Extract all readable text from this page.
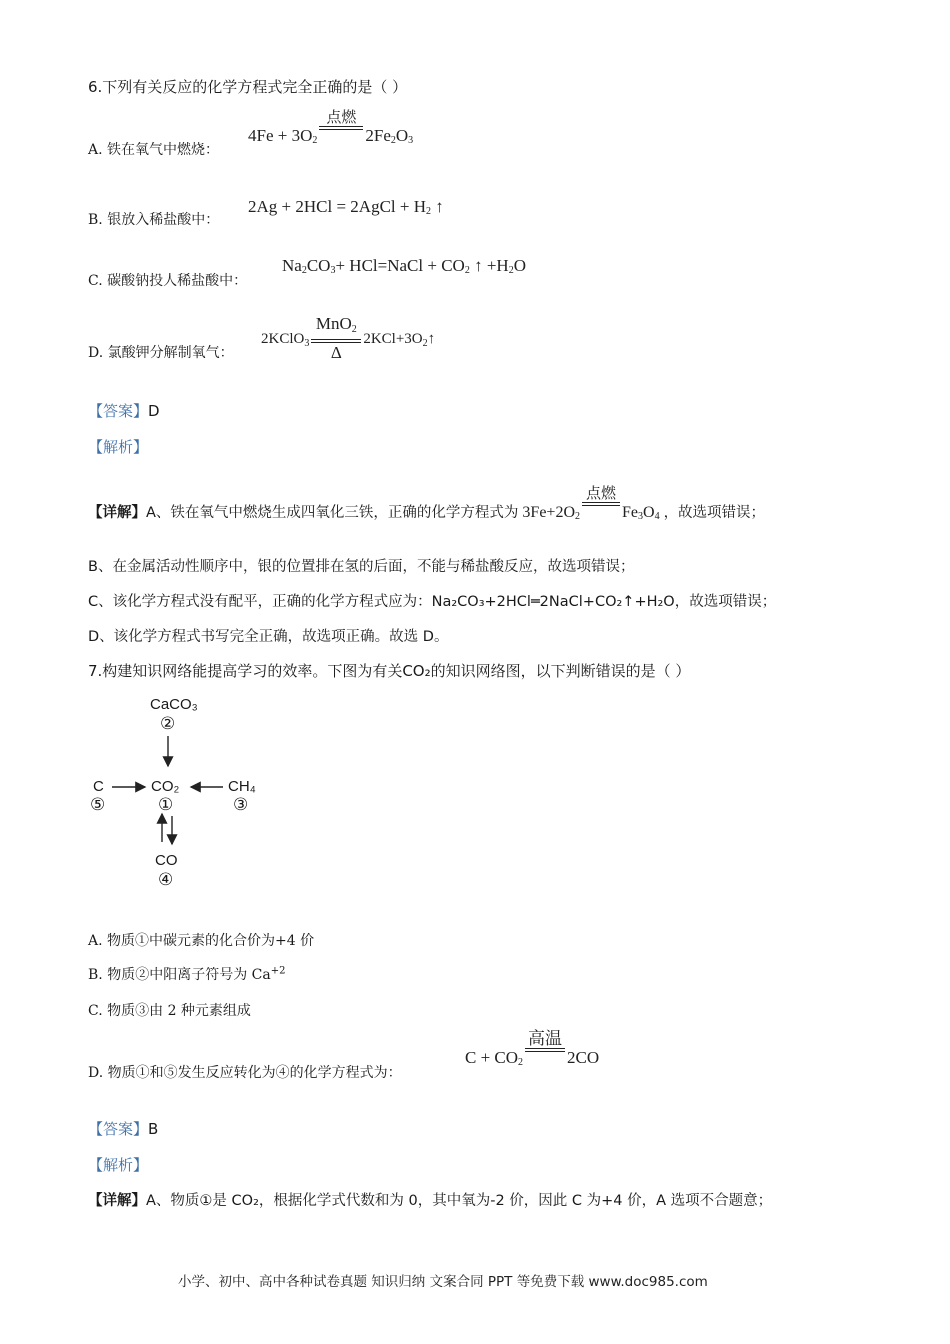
6.下列有关反应的化学方程式完全正确的是（ ）
A. 铁在氧气中燃烧：
$4Fe + 3O_2$
点燃

$2Fe_2$ $O_3$
B. 银放入稀盐酸中：
2Ag + 2HCl = 2AgCl + $H_2$
↑
C. 碳酸钠投人稀盐酸中：
$Na_2$ $CO_3$ + HCl=NaCl + $CO_2$
↑ $+H_2$ O
D. 氯酸钾分解制氧气：
2KClO$_3$
MnO$_2$
Δ
$2KCl+3O_2↑$
【答案】D
【解析】
【详解】 A、铁在氧气中燃烧生成四氧化三铁，正确的化学方程式为 $3Fe+2O_2$
点燃

$Fe_3$ $O_4$ ，故选项错误；
B、在金属活动性顺序中，银的位置排在氢的后面，不能与稀盐酸反应，故选项错误；
C、该化学方程式没有配平，正确的化学方程式应为：Na₂CO₃+2HCl═2NaCl+CO₂↑+H₂O，故选项错误；
D、该化学方程式书写完全正确，故选项正确。故选 D。
7.构建知识网络能提高学习的效率。下图为有关CO₂的知识网络图，以下判断错误的是（ ）
CaCO₃
②
CO₂
①
C
⑤
CH₄
③
CO
④
A. 物质①中碳元素的化合价为+4 价
B. 物质②中阳离子符号为 $Ca^{+2}$
C. 物质③由 2 种元素组成
D. 物质①和⑤发生反应转化为④的化学方程式为：
$C + CO_2$
高温

2CO
【答案】B
【解析】
【详解】A、物质①是 CO₂，根据化学式代数和为 0，其中氧为-2 价，因此 C 为+4 价，A 选项不合题意；
小学、初中、高中各种试卷真题 知识归纳 文案合同 PPT 等免费下载 www.doc985.com
